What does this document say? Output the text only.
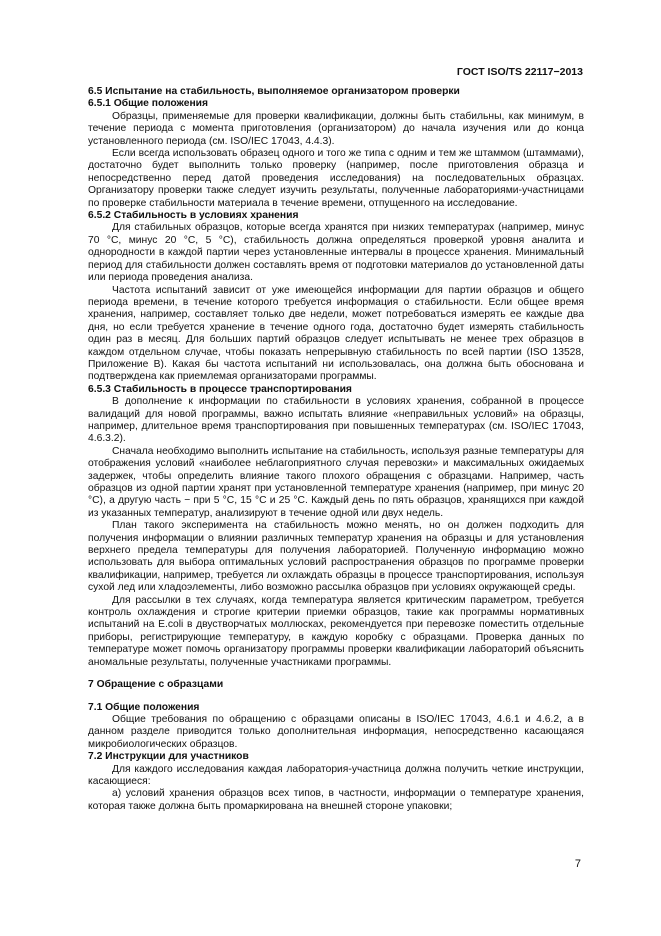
ГОСТ ISO/TS 22117−2013
6.5 Испытание на стабильность, выполняемое организатором проверки
6.5.1 Общие положения

Образцы, применяемые для проверки квалификации, должны быть стабильны, как минимум, в течение периода с момента приготовления (организатором) до начала изучения или до конца установленного периода (см. ISO/IEC 17043, 4.4.3).

Если всегда использовать образец одного и того же типа с одним и тем же штаммом (штаммами), достаточно будет выполнить только проверку (например, после приготовления образца и непосредственно перед датой проведения исследования) на последовательных образцах. Организатору проверки также следует изучить результаты, полученные лабораториями-участницами по проверке стабильности материала в течение времени, отпущенного на исследование.

6.5.2 Стабильность в условиях хранения

Для стабильных образцов, которые всегда хранятся при низких температурах (например, минус 70 °С, минус 20 °С, 5 °С), стабильность должна определяться проверкой уровня аналита и однородности в каждой партии через установленные интервалы в процессе хранения. Минимальный период для стабильности должен составлять время от подготовки материалов до установленной даты или периода проведения анализа.

Частота испытаний зависит от уже имеющейся информации для партии образцов и общего периода времени, в течение которого требуется информация о стабильности. Если общее время хранения, например, составляет только две недели, может потребоваться измерять ее каждые два дня, но если требуется хранение в течение одного года, достаточно будет измерять стабильность один раз в месяц. Для больших партий образцов следует испытывать не менее трех образцов в каждом отдельном случае, чтобы показать непрерывную стабильность по всей партии (ISO 13528, Приложение В). Какая бы частота испытаний ни использовалась, она должна быть обоснована и подтверждена как приемлемая организаторами программы.

6.5.3 Стабильность в процессе транспортирования

В дополнение к информации по стабильности в условиях хранения, собранной в процессе валидаций для новой программы, важно испытать влияние «неправильных условий» на образцы, например, длительное время транспортирования при повышенных температурах (см. ISO/IEC 17043, 4.6.3.2).

Сначала необходимо выполнить испытание на стабильность, используя разные температуры для отображения условий «наиболее неблагоприятного случая перевозки» и максимальных ожидаемых задержек, чтобы определить влияние такого плохого обращения с образцами. Например, часть образцов из одной партии хранят при установленной температуре хранения (например, при минус 20 °С), а другую часть − при 5 °С, 15 °С и 25 °С. Каждый день по пять образцов, хранящихся при каждой из указанных температур, анализируют в течение одной или двух недель.

План такого эксперимента на стабильность можно менять, но он должен подходить для получения информации о влиянии различных температур хранения на образцы и для установления верхнего предела температуры для получения лабораторией. Полученную информацию можно использовать для выбора оптимальных условий распространения образцов по программе проверки квалификации, например, требуется ли охлаждать образцы в процессе транспортирования, используя сухой лед или хладоэлементы, либо возможно рассылка образцов при условиях окружающей среды.

Для рассылки в тех случаях, когда температура является критическим параметром, требуется контроль охлаждения и строгие критерии приемки образцов, такие как программы нормативных испытаний на E.coli в двустворчатых моллюсках, рекомендуется при перевозке поместить отдельные приборы, регистрирующие температуру, в каждую коробку с образцами. Проверка данных по температуре может помочь организатору программы проверки квалификации лабораторий объяснить аномальные результаты, полученные участниками программы.

7 Обращение с образцами
7.1 Общие положения

Общие требования по обращению с образцами описаны в ISO/IEC 17043, 4.6.1 и 4.6.2, а в данном разделе приводится только дополнительная информация, непосредственно касающаяся микробиологических образцов.

7.2 Инструкции для участников

Для каждого исследования каждая лаборатория-участница должна получить четкие инструкции, касающиеся:

а) условий хранения образцов всех типов, в частности, информации о температуре хранения, которая также должна быть промаркирована на внешней стороне упаковки;

7
